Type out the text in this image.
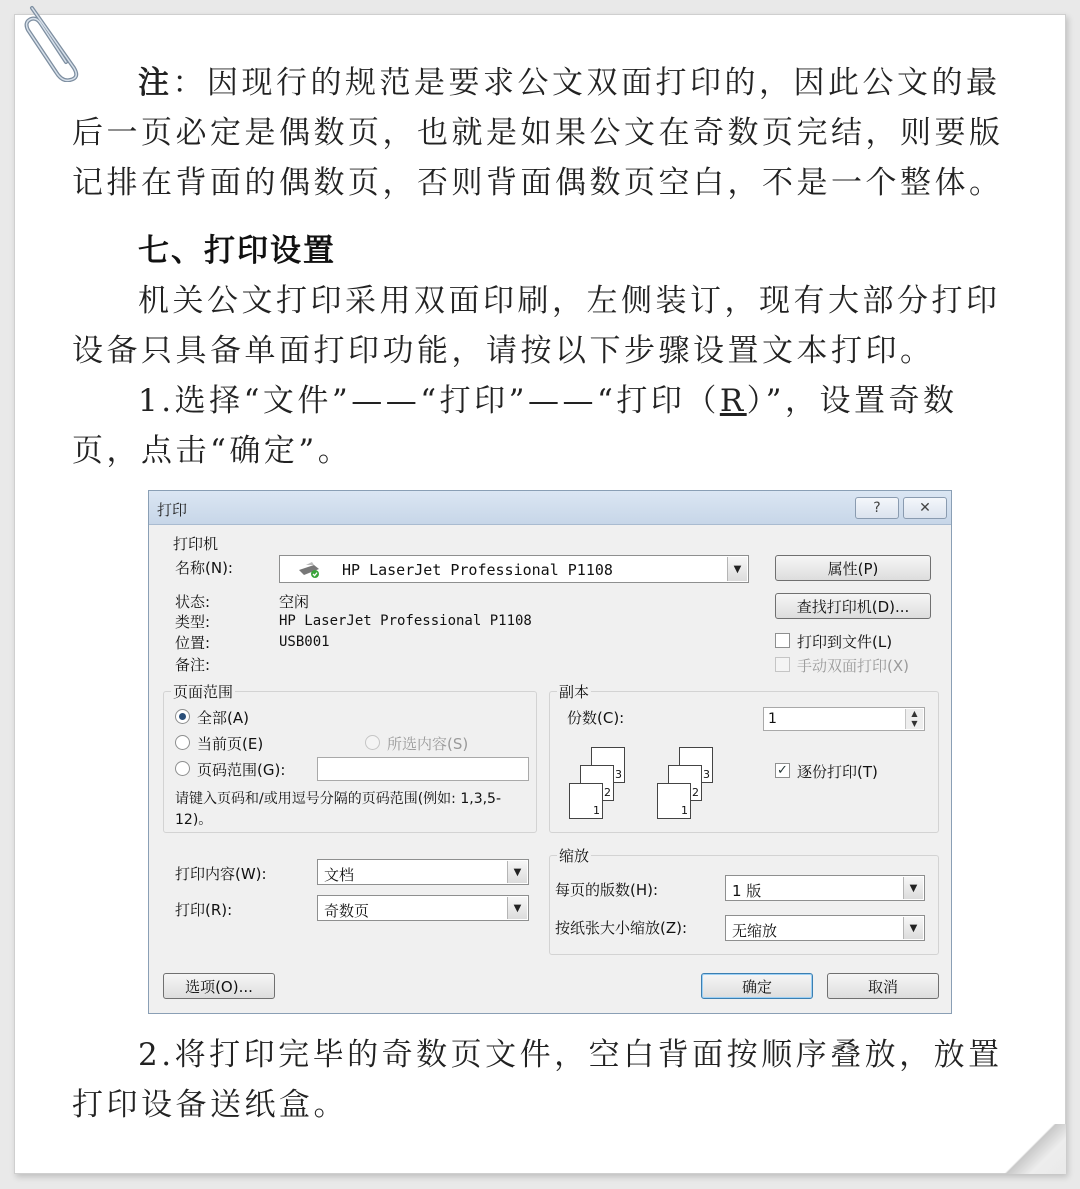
注：因现行的规范是要求公文双面打印的，因此公文的最后一页必定是偶数页，也就是如果公文在奇数页完结，则要版记排在背面的偶数页，否则背面偶数页空白，不是一个整体。
七、打印设置
机关公文打印采用双面印刷，左侧装订，现有大部分打印设备只具备单面打印功能，请按以下步骤设置文本打印。
1.选择“文件”——“打印”——“打印（R）”，设置奇数页，点击“确定”。
打印	?	✕
打印机
名称(N):	HP LaserJet Professional P1108	▼	属性(P)
查找打印机(D)...
状态:	空闲
类型:	HP LaserJet Professional P1108
位置:	USB001
备注:
打印到文件(L)
手动双面打印(X)
页面范围
全部(A)
当前页(E)	所选内容(S)
页码范围(G):
请键入页码和/或用逗号分隔的页码范围(例如: 1,3,5-12)。
副本
份数(C):	1	▲
▼
3
2
1
3
2
1
✓ 逐份打印(T)
打印内容(W):	文档	▼
打印(R):	奇数页	▼
缩放
每页的版数(H):	1 版	▼
按纸张大小缩放(Z):	无缩放	▼
选项(O)...	确定	取消
2.将打印完毕的奇数页文件，空白背面按顺序叠放，放置打印设备送纸盒。
